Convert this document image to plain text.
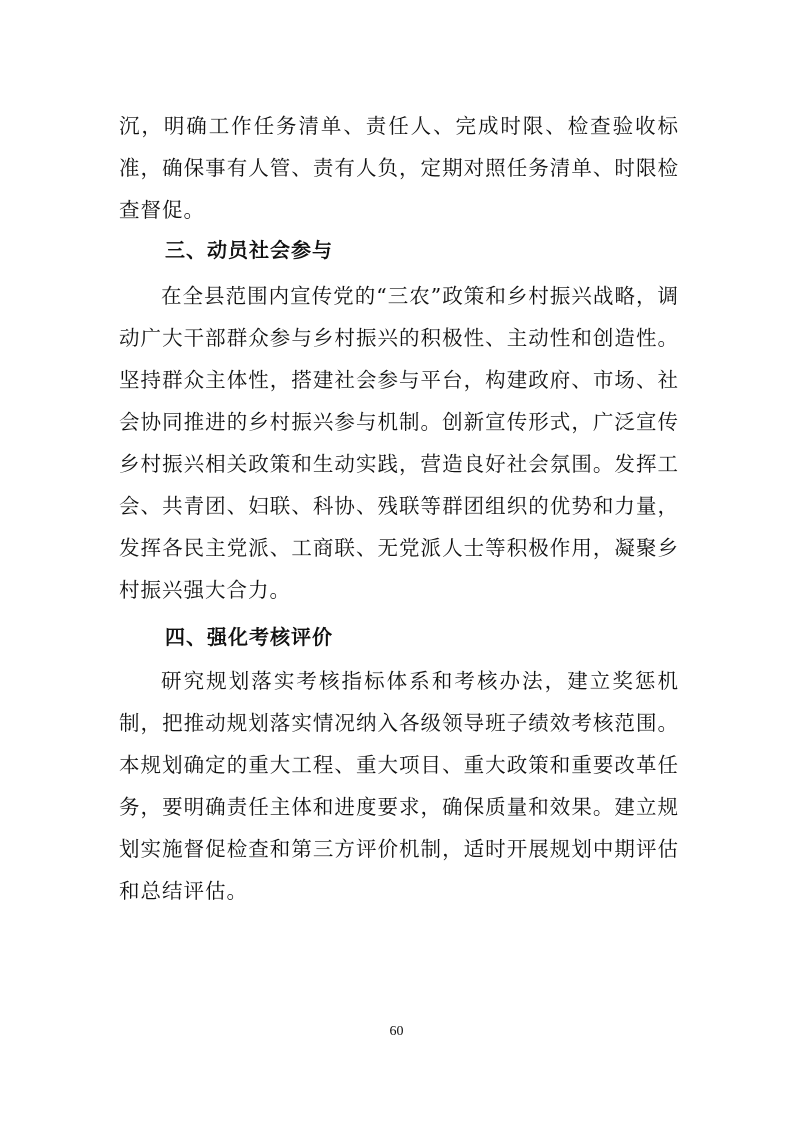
沉，明确工作任务清单、责任人、完成时限、检查验收标准，确保事有人管、责有人负，定期对照任务清单、时限检查督促。

三、动员社会参与

在全县范围内宣传党的“三农”政策和乡村振兴战略，调动广大干部群众参与乡村振兴的积极性、主动性和创造性。坚持群众主体性，搭建社会参与平台，构建政府、市场、社会协同推进的乡村振兴参与机制。创新宣传形式，广泛宣传乡村振兴相关政策和生动实践，营造良好社会氛围。发挥工会、共青团、妇联、科协、残联等群团组织的优势和力量，发挥各民主党派、工商联、无党派人士等积极作用，凝聚乡村振兴强大合力。

四、强化考核评价

研究规划落实考核指标体系和考核办法，建立奖惩机制，把推动规划落实情况纳入各级领导班子绩效考核范围。本规划确定的重大工程、重大项目、重大政策和重要改革任务，要明确责任主体和进度要求，确保质量和效果。建立规划实施督促检查和第三方评价机制，适时开展规划中期评估和总结评估。

60
